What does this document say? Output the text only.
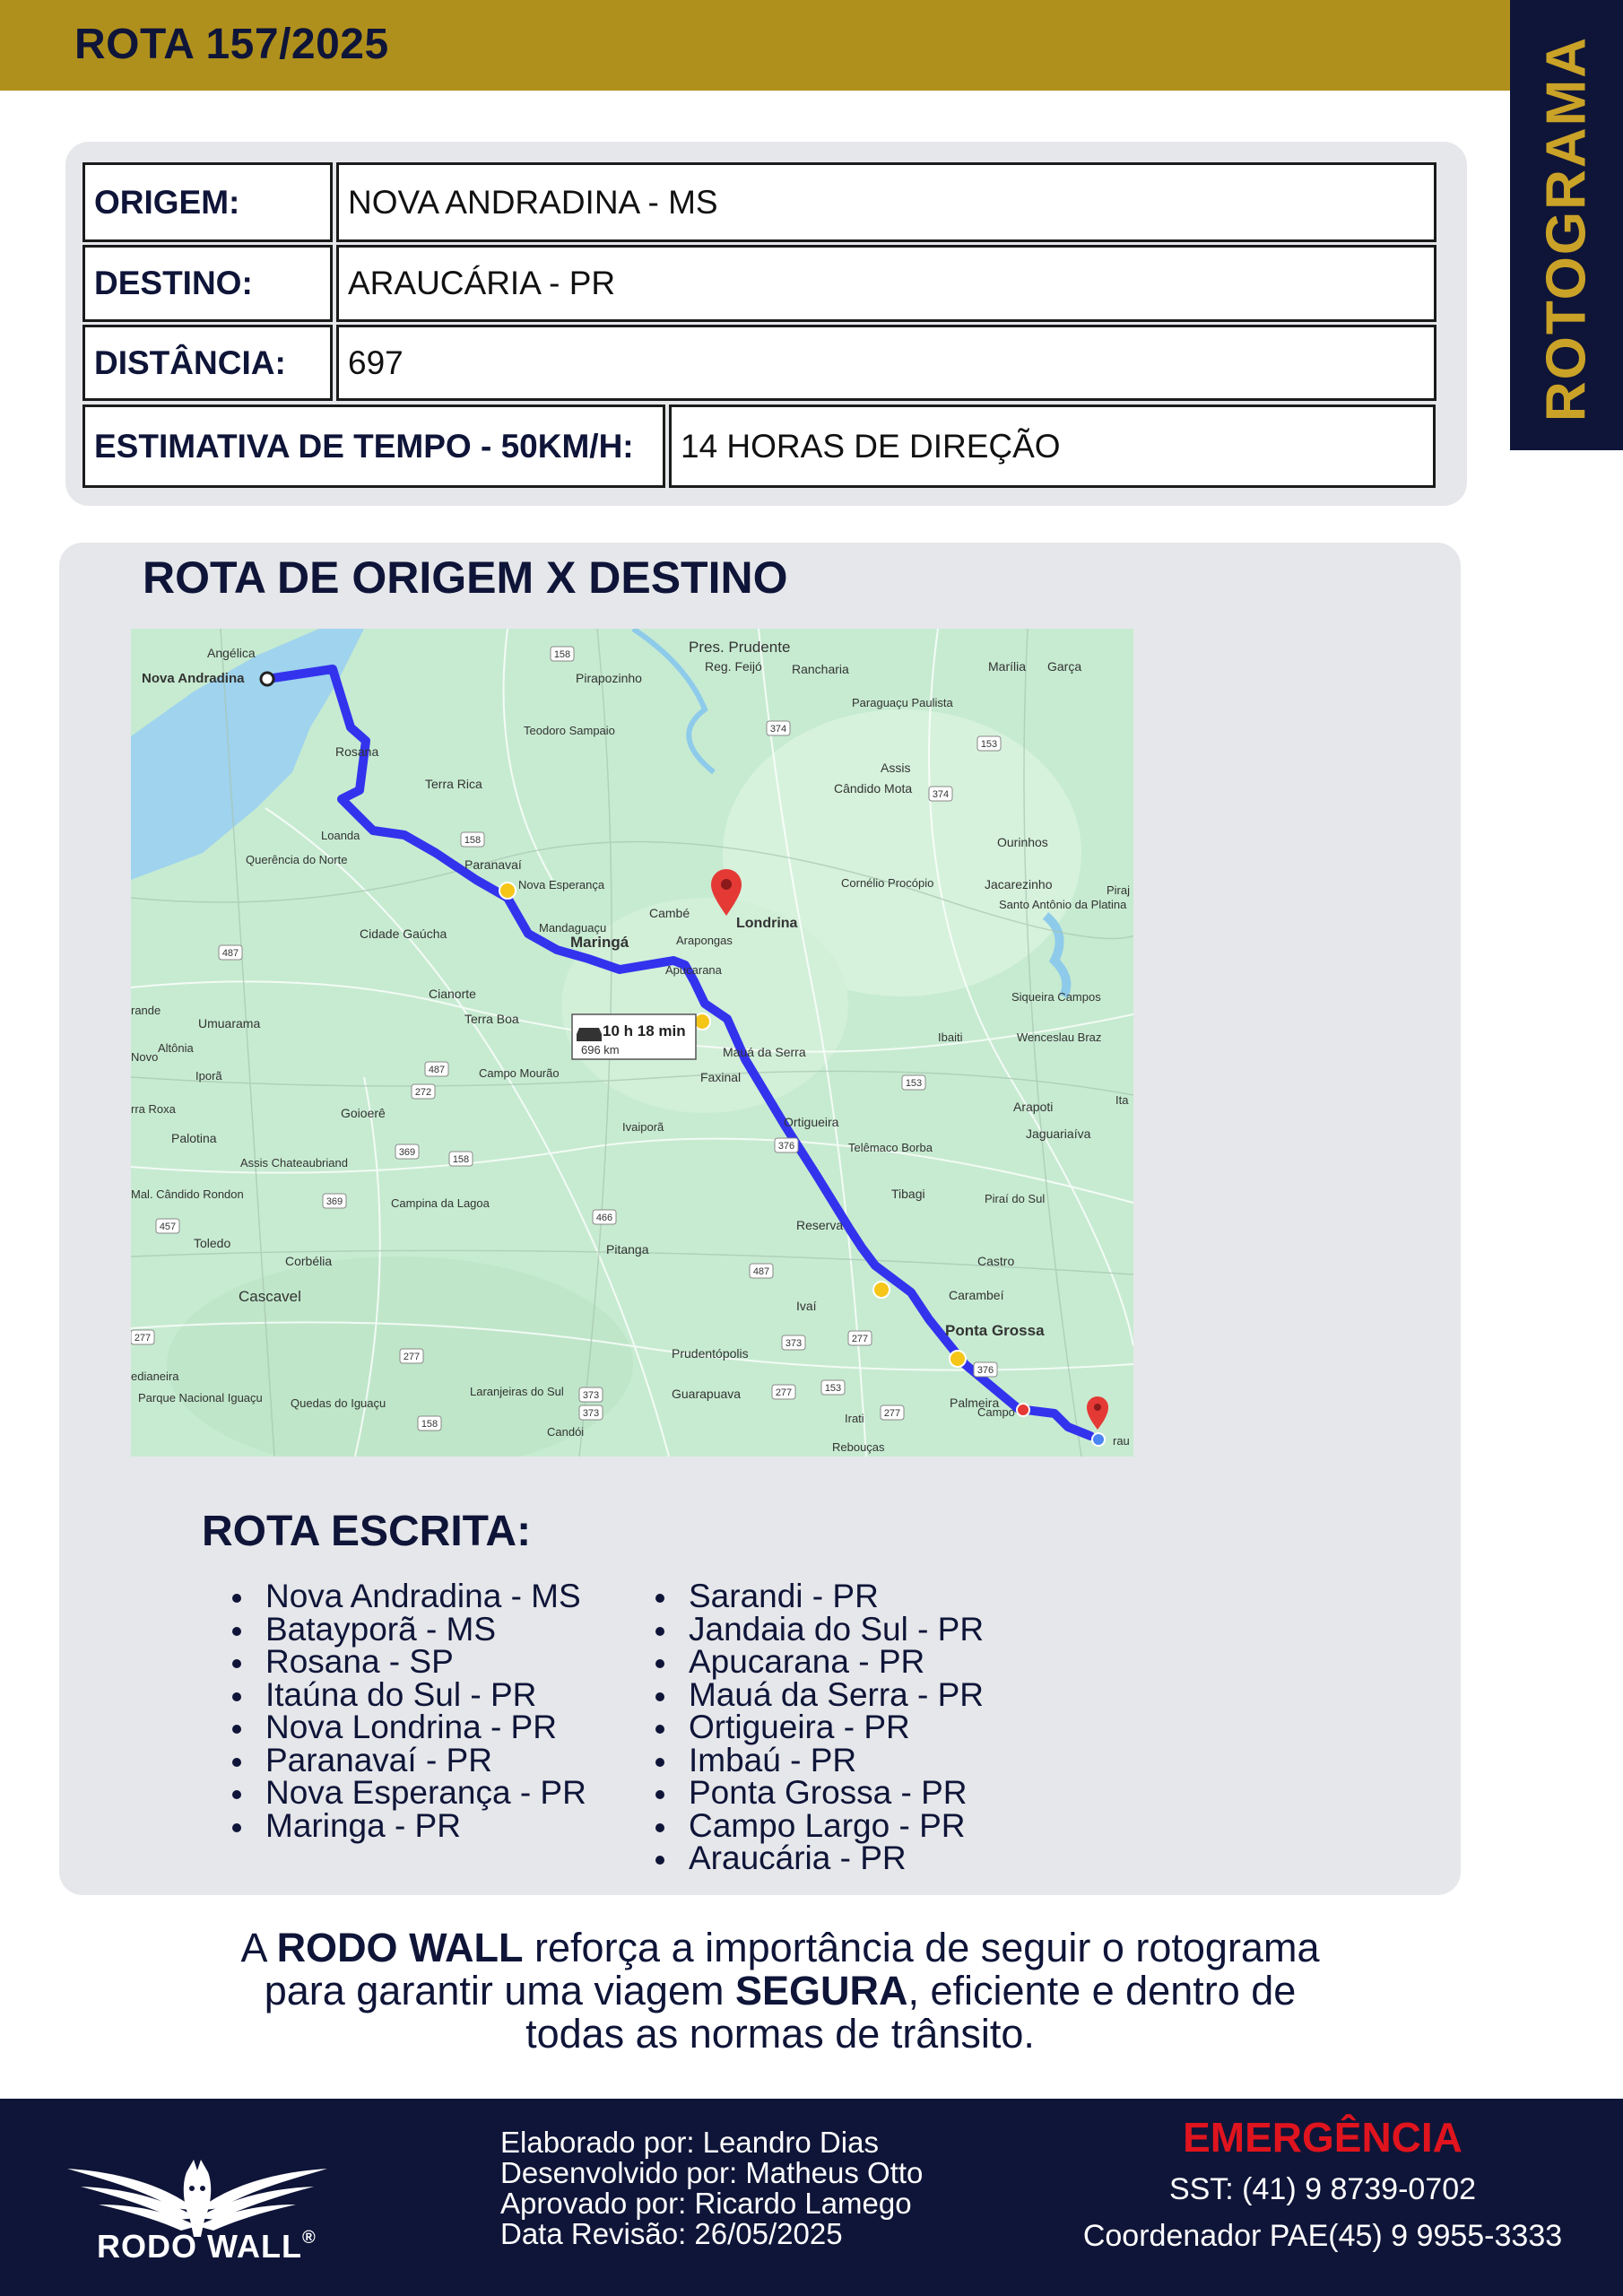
ROTA 157/2025	ROTOGRAMA
ORIGEM:	NOVA ANDRADINA - MS
DESTINO:	ARAUCÁRIA - PR
DISTÂNCIA:	697
ESTIMATIVA DE TEMPO - 50KM/H:	14 HORAS DE DIREÇÃO
ROTA DE ORIGEM X DESTINO
10 h 18 min
696 km
Angélica
Nova Andradina
Pres. Prudente
Reg. Feijó Rancharia	Marília Garça
Pirapozinho
Paraguaçu Paulista
Teodoro Sampaio
Rosana
Terra Rica
Assis
Cândido Mota
Ourinhos
Loanda
Querência do Norte	Paranavaí
Nova Esperança
Cambé
Londrina
Cornélio Procópio	Jacarezinho
Santo Antônio da Platina
Cidade Gaúcha	Mandaguaçu
Maringá	Arapongas
Apucarana
Cianorte
Terra Boa
Umuarama
Altônia
Iporã
Mauá da Serra
Faxinal
Ibaiti
Siqueira Campos
Wenceslau Braz
Campo Mourão
Goioerê
Ivaiporã	Ortigueira
Telêmaco Borba
Arapoti
Jaguariaíva
Palotina
Assis Chateaubriand
Campina da Lagoa
Mal. Cândido Rondon
Toledo
Tibagi	Piraí do Sul
Reserva
Corbélia
Pitanga
Castro
Cascavel
Ivaí
Carambeí
Ponta Grossa
Prudentópolis
Guarapuava
Palmeira
Campo
Laranjeiras do Sul
Quedas do Iguaçu
Parque Nacional Iguaçu
Candói
Irati
Rebouças
edianeira
rande
Novo
rra Roxa
Piraj
Ita
rau
158
374
153
374
158
487
487
272
153
369
158
369
376
457
466
487
373	277
277
376
277
373
153
277
277
158
373
ROTA ESCRITA:
Nova Andradina - MS
Batayporã - MS
Rosana - SP
Itaúna do Sul - PR
Nova Londrina - PR
Paranavaí - PR
Nova Esperança - PR
Maringa - PR
Sarandi - PR
Jandaia do Sul - PR
Apucarana - PR
Mauá da Serra - PR
Ortigueira - PR
Imbaú - PR
Ponta Grossa - PR
Campo Largo - PR
Araucária - PR
A RODO WALL reforça a importância de seguir o rotograma
para garantir uma viagem SEGURA, eficiente e dentro de
todas as normas de trânsito.
RODO WALL®
Elaborado por: Leandro Dias
Desenvolvido por: Matheus Otto
Aprovado por: Ricardo Lamego
Data Revisão: 26/05/2025
EMERGÊNCIA
SST: (41) 9 8739-0702
Coordenador PAE(45) 9 9955-3333
